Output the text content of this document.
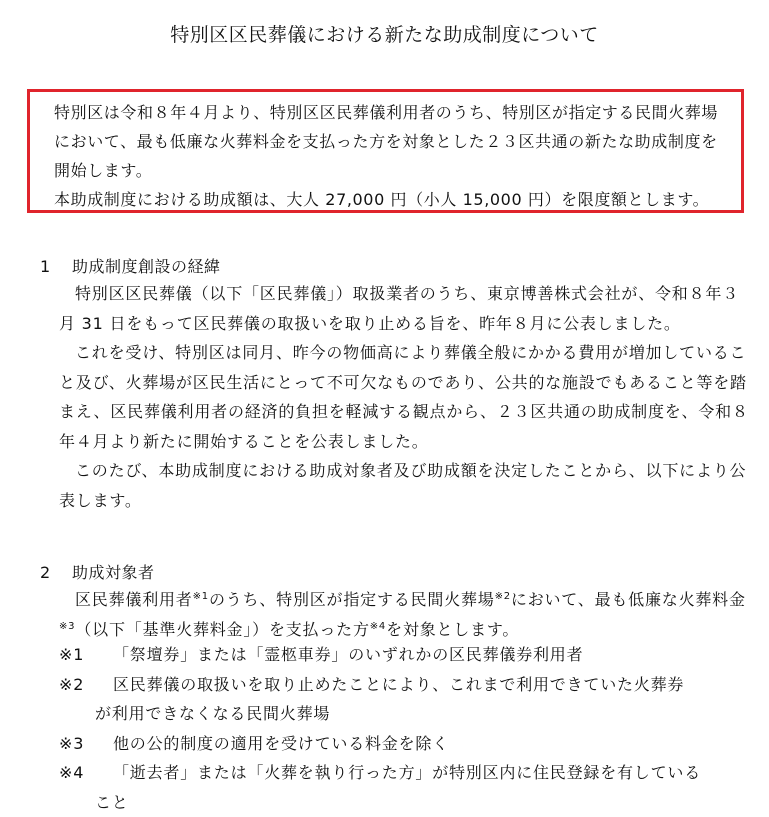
特別区区民葬儀における新たな助成制度について

特別区は令和８年４月より、特別区区民葬儀利用者のうち、特別区が指定する民間火葬場において、最も低廉な火葬料金を支払った方を対象とした２３区共通の新たな助成制度を開始します。

本助成制度における助成額は、大人 27,000 円（小人 15,000 円）を限度額とします。

1 助成制度創設の経緯

特別区区民葬儀（以下「区民葬儀」）取扱業者のうち、東京博善株式会社が、令和８年３月 31 日をもって区民葬儀の取扱いを取り止める旨を、昨年８月に公表しました。

これを受け、特別区は同月、昨今の物価高により葬儀全般にかかる費用が増加していること及び、火葬場が区民生活にとって不可欠なものであり、公共的な施設でもあること等を踏まえ、区民葬儀利用者の経済的負担を軽減する観点から、２３区共通の助成制度を、令和８年４月より新たに開始することを公表しました。

このたび、本助成制度における助成対象者及び助成額を決定したことから、以下により公表します。

2 助成対象者

区民葬儀利用者$^{※1}$のうち、特別区が指定する民間火葬場$^{※2}$において、最も低廉な火葬料金$^{※3}$（以下「基準火葬料金」）を支払った方$^{※4}$を対象とします。

※1 「祭壇券」または「霊柩車券」のいずれかの区民葬儀券利用者
※2 区民葬儀の取扱いを取り止めたことにより、これまで利用できていた火葬券
が利用できなくなる民間火葬場
※3 他の公的制度の適用を受けている料金を除く
※4 「逝去者」または「火葬を執り行った方」が特別区内に住民登録を有している
こと
